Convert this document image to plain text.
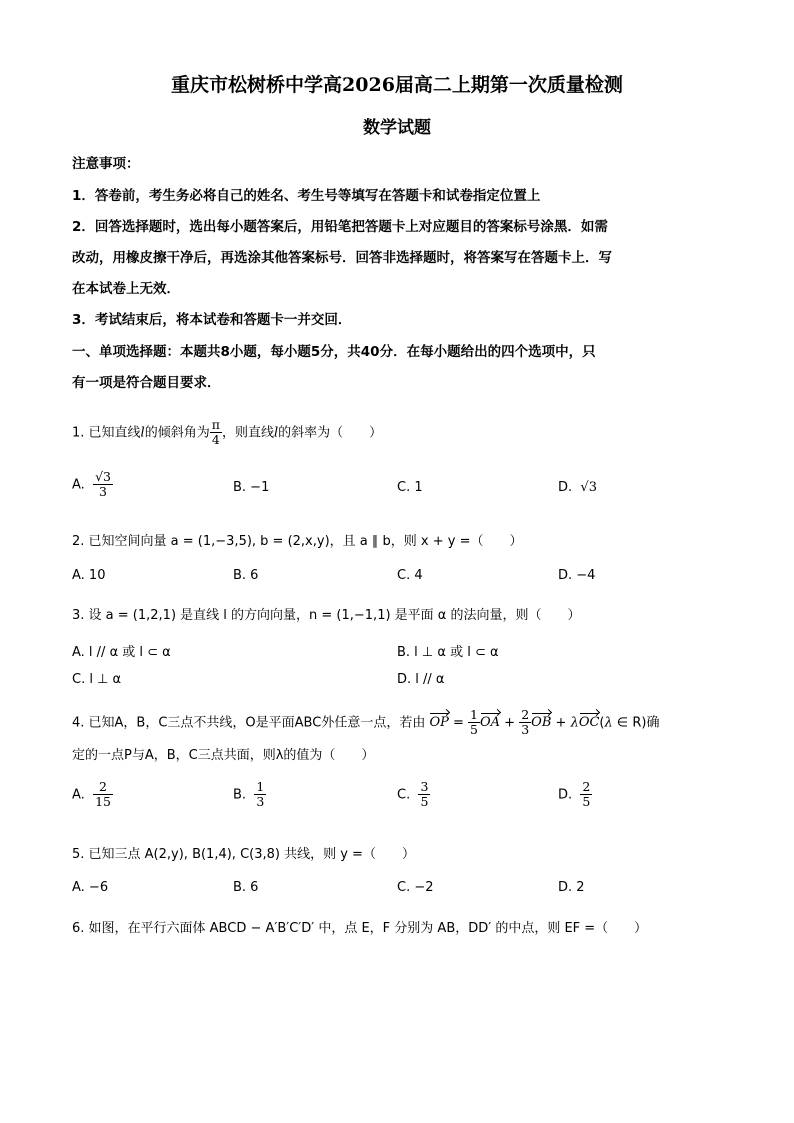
重庆市松树桥中学高2026届高二上期第一次质量检测
数学试题
注意事项：
1．答卷前，考生务必将自己的姓名、考生号等填写在答题卡和试卷指定位置上
2．回答选择题时，选出每小题答案后，用铅笔把答题卡上对应题目的答案标号涂黑．如需
改动，用橡皮擦干净后，再选涂其他答案标号．回答非选择题时，将答案写在答题卡上．写
在本试卷上无效．
3．考试结束后，将本试卷和答题卡一并交回．
一、单项选择题：本题共8小题，每小题5分，共40分．在每小题给出的四个选项中，只
有一项是符合题目要求．
1. 已知直线l的倾斜角为 $\frac{\pi}{4}$ ，则直线l的斜率为（　　）
A. $\frac{√3}{3}$	B. −1	C. 1	D. √3
2. 已知空间向量 a = (1,−3,5), b = (2,x,y)，且 a ∥ b，则 x + y =（　　）
A. 10	B. 6	C. 4	D. −4
3. 设 a = (1,2,1) 是直线 l 的方向向量，n = (1,−1,1) 是平面 α 的法向量，则（　　）
A. l // α 或 l ⊂ α	B. l ⊥ α 或 l ⊂ α
C. l ⊥ α	D. l // α
4. 已知A，B，C三点不共线，O是平面ABC外任意一点，若由 OP = $\frac{1}{5}$ OA + $\frac{2}{3}$ OB + λOC(λ ∈ R)确
定的一点P与A，B，C三点共面，则λ的值为（　　）
A. $\frac{2}{15}$	B. $\frac{1}{3}$	C. $\frac{3}{5}$	D. $\frac{2}{5}$
5. 已知三点 A(2,y), B(1,4), C(3,8) 共线，则 y =（　　）
A. −6	B. 6	C. −2	D. 2
6. 如图，在平行六面体 ABCD − A′B′C′D′ 中，点 E，F 分别为 AB，DD′ 的中点，则 EF =（　　）
